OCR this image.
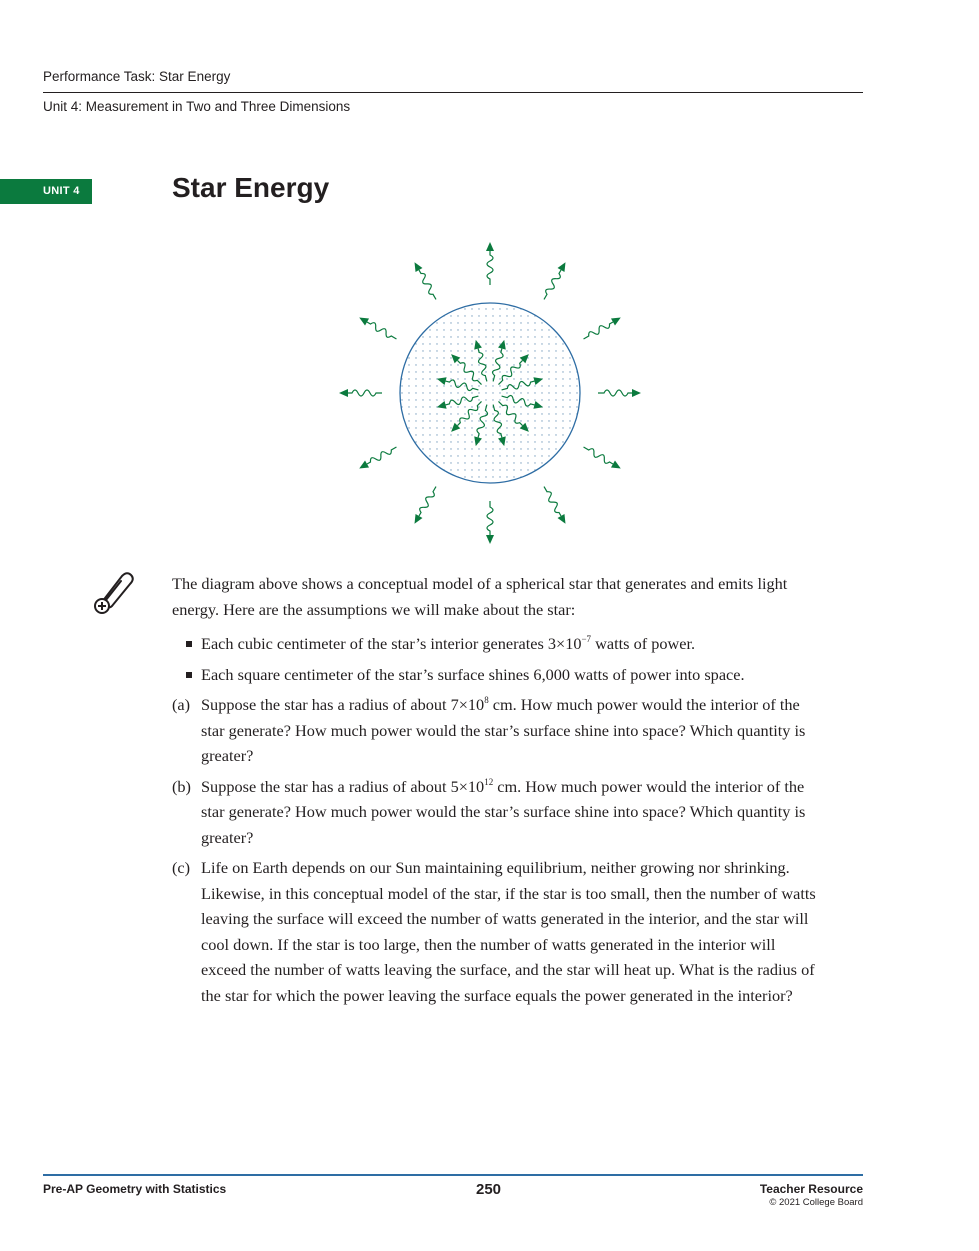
Performance Task: Star Energy
Unit 4: Measurement in Two and Three Dimensions
UNIT 4	Star Energy

The diagram above shows a conceptual model of a spherical star that generates and emits light energy. Here are the assumptions we will make about the star:

Each cubic centimeter of the star’s interior generates $3\times 10^{-7}$ watts of power.
Each square centimeter of the star’s surface shines 6,000 watts of power into space.
(a) Suppose the star has a radius of about $7\times 10^8$ cm. How much power would the interior of the star generate? How much power would the star’s surface shine into space? Which quantity is greater?
(b) Suppose the star has a radius of about $5\times 10^{12}$ cm. How much power would the interior of the star generate? How much power would the star’s surface shine into space? Which quantity is greater?
(c) Life on Earth depends on our Sun maintaining equilibrium, neither growing nor shrinking. Likewise, in this conceptual model of the star, if the star is too small, then the number of watts leaving the surface will exceed the number of watts generated in the interior, and the star will cool down. If the star is too large, then the number of watts generated in the interior will exceed the number of watts leaving the surface, and the star will heat up. What is the radius of the star for which the power leaving the surface equals the power generated in the interior?
Pre-AP Geometry with Statistics	250	Teacher Resource
© 2021 College Board
